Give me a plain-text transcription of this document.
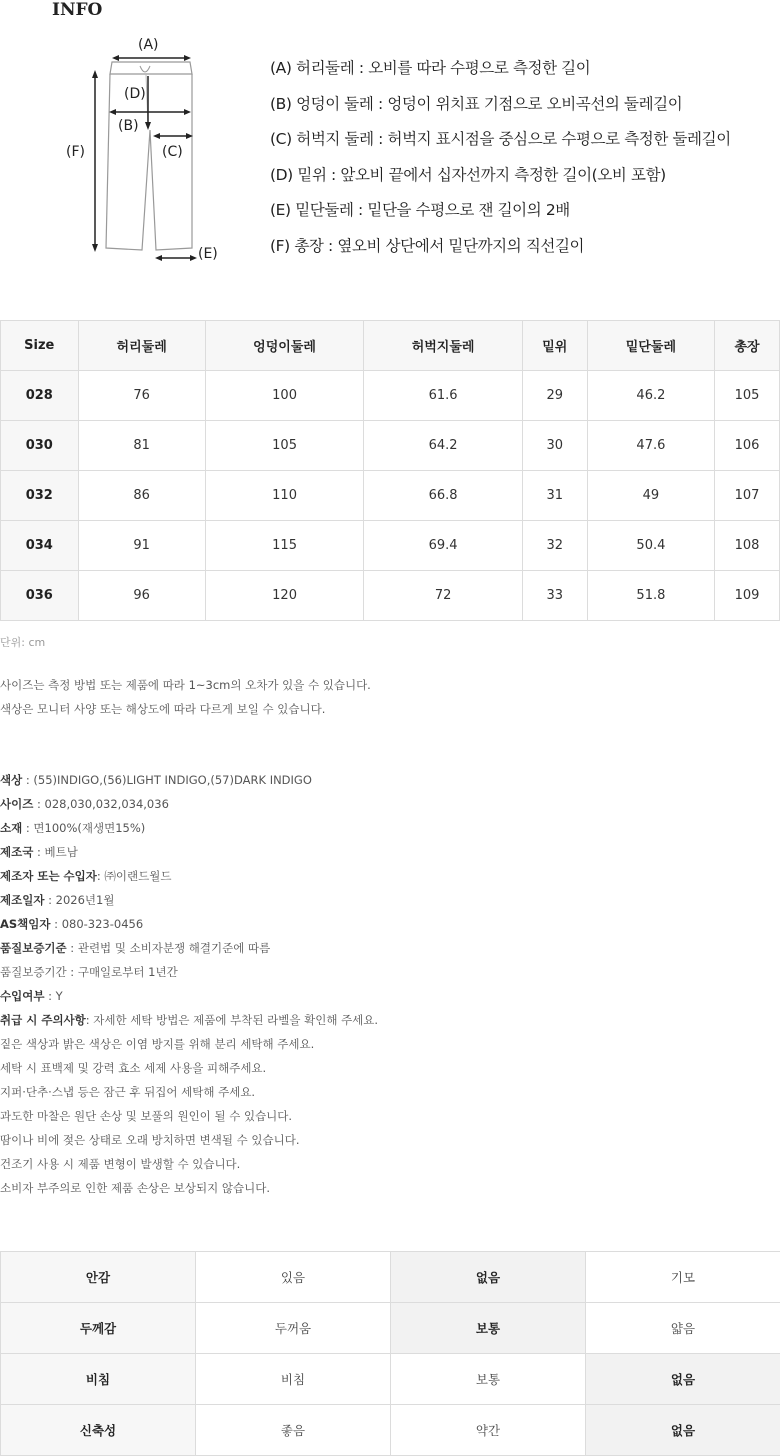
INFO
(A)
(F)
(D)
(B)
(C)
(E)
(A) 허리둘레 : 오비를 따라 수평으로 측정한 길이
(B) 엉덩이 둘레 : 엉덩이 위치표 기점으로 오비곡선의 둘레길이
(C) 허벅지 둘레 : 허벅지 표시점을 중심으로 수평으로 측정한 둘레길이
(D) 밑위 : 앞오비 끝에서 십자선까지 측정한 길이(오비 포함)
(E) 밑단둘레 : 밑단을 수평으로 잰 길이의 2배
(F) 총장 : 옆오비 상단에서 밑단까지의 직선길이
Size	허리둘레	엉덩이둘레	허벅지둘레	밑위	밑단둘레	총장
028	76	100	61.6	29	46.2	105
030	81	105	64.2	30	47.6	106
032	86	110	66.8	31	49	107
034	91	115	69.4	32	50.4	108
036	96	120	72	33	51.8	109
단위: cm
사이즈는 측정 방법 또는 제품에 따라 1~3cm의 오차가 있을 수 있습니다.
색상은 모니터 사양 또는 해상도에 따라 다르게 보일 수 있습니다.
색상 : (55)INDIGO,(56)LIGHT INDIGO,(57)DARK INDIGO
사이즈 : 028,030,032,034,036
소재 : 면100%(재생면15%)
제조국 : 베트남
제조자 또는 수입자: ㈜이랜드월드
제조일자 : 2026년1월
AS책임자 : 080-323-0456
품질보증기준 : 관련법 및 소비자분쟁 해결기준에 따름
품질보증기간 : 구매일로부터 1년간
수입여부 : Y
취급 시 주의사항: 자세한 세탁 방법은 제품에 부착된 라벨을 확인해 주세요.
짙은 색상과 밝은 색상은 이염 방지를 위해 분리 세탁해 주세요.
세탁 시 표백제 및 강력 효소 세제 사용을 피해주세요.
지퍼·단추·스냅 등은 잠근 후 뒤집어 세탁해 주세요.
과도한 마찰은 원단 손상 및 보풀의 원인이 될 수 있습니다.
땀이나 비에 젖은 상태로 오래 방치하면 변색될 수 있습니다.
건조기 사용 시 제품 변형이 발생할 수 있습니다.
소비자 부주의로 인한 제품 손상은 보상되지 않습니다.
안감	있음	없음	기모
두께감	두꺼움	보통	얇음
비침	비침	보통	없음
신축성	좋음	약간	없음
